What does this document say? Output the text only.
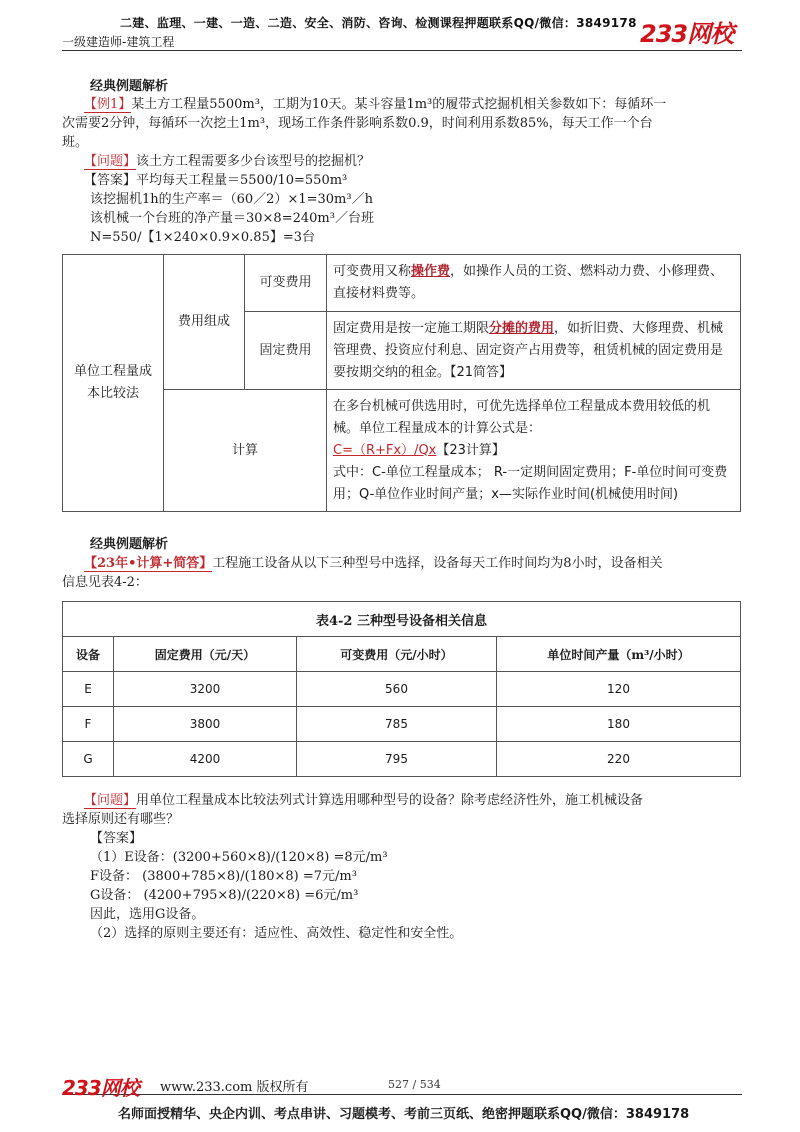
二建、监理、一建、一造、二造、安全、消防、咨询、检测课程押题联系QQ/微信：3849178
一级建造师-建筑工程	233网校
经典例题解析
【例1】某土方工程量5500m³，工期为10天。某斗容量1m³的履带式挖掘机相关参数如下：每循环一
次需要2分钟，每循环一次挖土1m³，现场工作条件影响系数0.9，时间利用系数85%，每天工作一个台
班。
【问题】该土方工程需要多少台该型号的挖掘机？
【答案】平均每天工程量＝5500/10=550m³
该挖掘机1h的生产率＝（60／2）×1=30m³／h
该机械一个台班的净产量＝30×8=240m³／台班
N=550/【1×240×0.9×0.85】=3台
单位工程量成本比较法	费用组成	可变费用	可变费用又称操作费，如操作人员的工资、燃料动力费、小修理费、直接材料费等。
		固定费用	固定费用是按一定施工期限分摊的费用，如折旧费、大修理费、机械管理费、投资应付利息、固定资产占用费等，租赁机械的固定费用是要按期交纳的租金。【21简答】
	计算		在多台机械可供选用时，可优先选择单位工程量成本费用较低的机械。单位工程量成本的计算公式是：
C=（R+Fx）/Qx【23计算】
式中：C-单位工程量成本； R-一定期间固定费用；F-单位时间可变费用；Q-单位作业时间产量；x—实际作业时间(机械使用时间)
经典例题解析
【23年•计算+简答】工程施工设备从以下三种型号中选择，设备每天工作时间均为8小时，设备相关
信息见表4-2：
表4-2 三种型号设备相关信息			
设备	固定费用（元/天）	可变费用（元/小时）	单位时间产量（m³/小时）
E	3200	560	120
F	3800	785	180
G	4200	795	220
【问题】用单位工程量成本比较法列式计算选用哪种型号的设备？除考虑经济性外，施工机械设备
选择原则还有哪些？
【答案】
（1）E设备：(3200+560×8)/(120×8) =8元/m³
F设备： (3800+785×8)/(180×8) =7元/m³
G设备： (4200+795×8)/(220×8) =6元/m³
因此，选用G设备。
（2）选择的原则主要还有：适应性、高效性、稳定性和安全性。
233网校 www.233.com 版权所有	527 / 534
名师面授精华、央企内训、考点串讲、习题模考、考前三页纸、绝密押题联系QQ/微信：3849178
